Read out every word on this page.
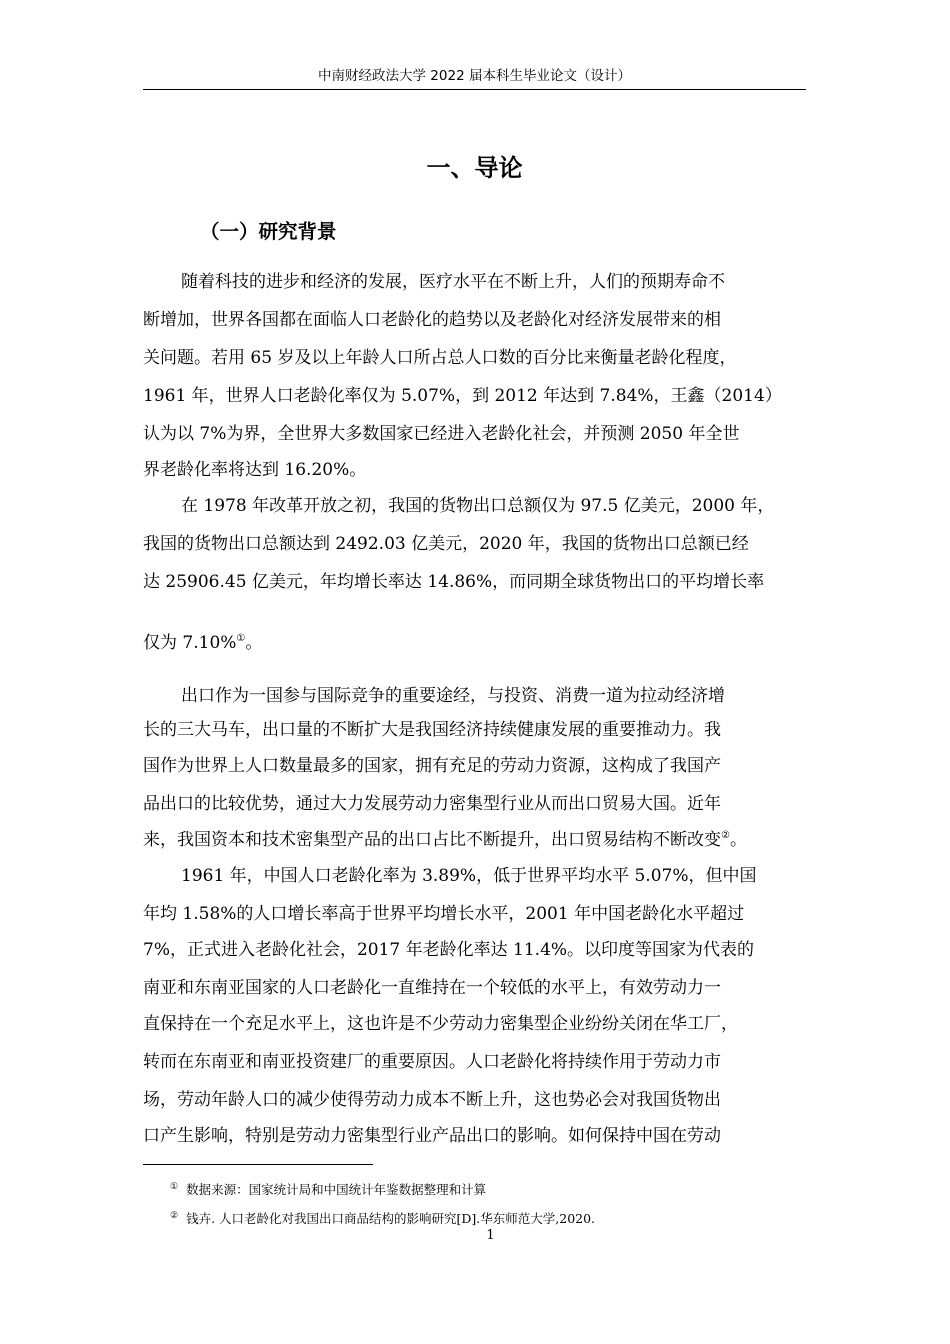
中南财经政法大学 2022 届本科生毕业论文（设计）
一、导论
（一）研究背景
随着科技的进步和经济的发展，医疗水平在不断上升，人们的预期寿命不
断增加，世界各国都在面临人口老龄化的趋势以及老龄化对经济发展带来的相
关问题。若用 65 岁及以上年龄人口所占总人口数的百分比来衡量老龄化程度，
1961 年，世界人口老龄化率仅为 5.07%，到 2012 年达到 7.84%，王鑫（2014）
认为以 7%为界，全世界大多数国家已经进入老龄化社会，并预测 2050 年全世
界老龄化率将达到 16.20%。
在 1978 年改革开放之初，我国的货物出口总额仅为 97.5 亿美元，2000 年，
我国的货物出口总额达到 2492.03 亿美元，2020 年，我国的货物出口总额已经
达 25906.45 亿美元，年均增长率达 14.86%，而同期全球货物出口的平均增长率
仅为 7.10%①。
出口作为一国参与国际竞争的重要途经，与投资、消费一道为拉动经济增
长的三大马车，出口量的不断扩大是我国经济持续健康发展的重要推动力。我
国作为世界上人口数量最多的国家，拥有充足的劳动力资源，这构成了我国产
品出口的比较优势，通过大力发展劳动力密集型行业从而出口贸易大国。近年
来，我国资本和技术密集型产品的出口占比不断提升，出口贸易结构不断改变②。
1961 年，中国人口老龄化率为 3.89%，低于世界平均水平 5.07%，但中国
年均 1.58%的人口增长率高于世界平均增长水平，2001 年中国老龄化水平超过
7%，正式进入老龄化社会，2017 年老龄化率达 11.4%。以印度等国家为代表的
南亚和东南亚国家的人口老龄化一直维持在一个较低的水平上，有效劳动力一
直保持在一个充足水平上，这也许是不少劳动力密集型企业纷纷关闭在华工厂，
转而在东南亚和南亚投资建厂的重要原因。人口老龄化将持续作用于劳动力市
场，劳动年龄人口的减少使得劳动力成本不断上升，这也势必会对我国货物出
口产生影响，特别是劳动力密集型行业产品出口的影响。如何保持中国在劳动
① 数据来源：国家统计局和中国统计年鉴数据整理和计算
② 钱卉. 人口老龄化对我国出口商品结构的影响研究[D].华东师范大学,2020.
1
